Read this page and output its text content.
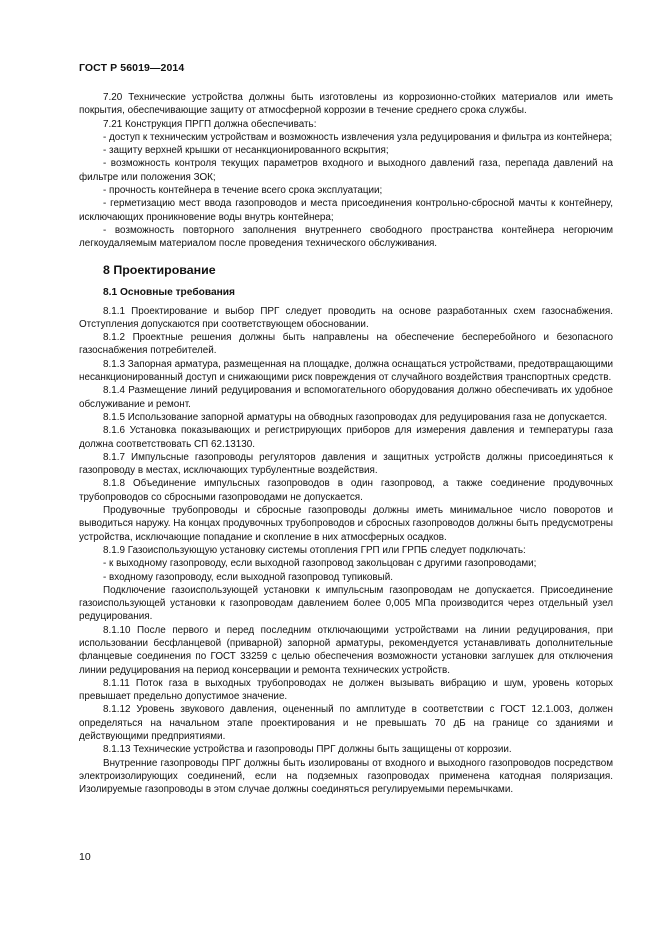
ГОСТ Р 56019—2014

7.20 Технические устройства должны быть изготовлены из коррозионно-стойких материалов или иметь покрытия, обеспечивающие защиту от атмосферной коррозии в течение среднего срока службы.

7.21 Конструкция ПРГП должна обеспечивать:

- доступ к техническим устройствам и возможность извлечения узла редуцирования и фильтра из контейнера;

- защиту верхней крышки от несанкционированного вскрытия;

- возможность контроля текущих параметров входного и выходного давлений газа, перепада давлений на фильтре или положения ЗОК;

- прочность контейнера в течение всего срока эксплуатации;

- герметизацию мест ввода газопроводов и места присоединения контрольно-сбросной мачты к контейнеру, исключающих проникновение воды внутрь контейнера;

- возможность повторного заполнения внутреннего свободного пространства контейнера негорючим легкоудаляемым материалом после проведения технического обслуживания.

8 Проектирование
8.1 Основные требования

8.1.1 Проектирование и выбор ПРГ следует проводить на основе разработанных схем газоснабжения. Отступления допускаются при соответствующем обосновании.

8.1.2 Проектные решения должны быть направлены на обеспечение бесперебойного и безопасного газоснабжения потребителей.

8.1.3 Запорная арматура, размещенная на площадке, должна оснащаться устройствами, предотвращающими несанкционированный доступ и снижающими риск повреждения от случайного воздействия транспортных средств.

8.1.4 Размещение линий редуцирования и вспомогательного оборудования должно обеспечивать их удобное обслуживание и ремонт.

8.1.5 Использование запорной арматуры на обводных газопроводах для редуцирования газа не допускается.

8.1.6 Установка показывающих и регистрирующих приборов для измерения давления и температуры газа должна соответствовать СП 62.13130.

8.1.7 Импульсные газопроводы регуляторов давления и защитных устройств должны присоединяться к газопроводу в местах, исключающих турбулентные воздействия.

8.1.8 Объединение импульсных газопроводов в один газопровод, а также соединение продувочных трубопроводов со сбросными газопроводами не допускается.

Продувочные трубопроводы и сбросные газопроводы должны иметь минимальное число поворотов и выводиться наружу. На концах продувочных трубопроводов и сбросных газопроводов должны быть предусмотрены устройства, исключающие попадание и скопление в них атмосферных осадков.

8.1.9 Газоиспользующую установку системы отопления ГРП или ГРПБ следует подключать:

- к выходному газопроводу, если выходной газопровод закольцован с другими газопроводами;

- входному газопроводу, если выходной газопровод тупиковый.

Подключение газоиспользующей установки к импульсным газопроводам не допускается. Присоединение газоиспользующей установки к газопроводам давлением более 0,005 МПа производится через отдельный узел редуцирования.

8.1.10 После первого и перед последним отключающими устройствами на линии редуцирования, при использовании бесфланцевой (приварной) запорной арматуры, рекомендуется устанавливать дополнительные фланцевые соединения по ГОСТ 33259 с целью обеспечения возможности установки заглушек для отключения линии редуцирования на период консервации и ремонта технических устройств.

8.1.11 Поток газа в выходных трубопроводах не должен вызывать вибрацию и шум, уровень которых превышает предельно допустимое значение.

8.1.12 Уровень звукового давления, оцененный по амплитуде в соответствии с ГОСТ 12.1.003, должен определяться на начальном этапе проектирования и не превышать 70 дБ на границе со зданиями и действующими предприятиями.

8.1.13 Технические устройства и газопроводы ПРГ должны быть защищены от коррозии.

Внутренние газопроводы ПРГ должны быть изолированы от входного и выходного газопроводов посредством электроизолирующих соединений, если на подземных газопроводах применена катодная поляризация. Изолируемые газопроводы в этом случае должны соединяться регулируемыми перемычками.

10
